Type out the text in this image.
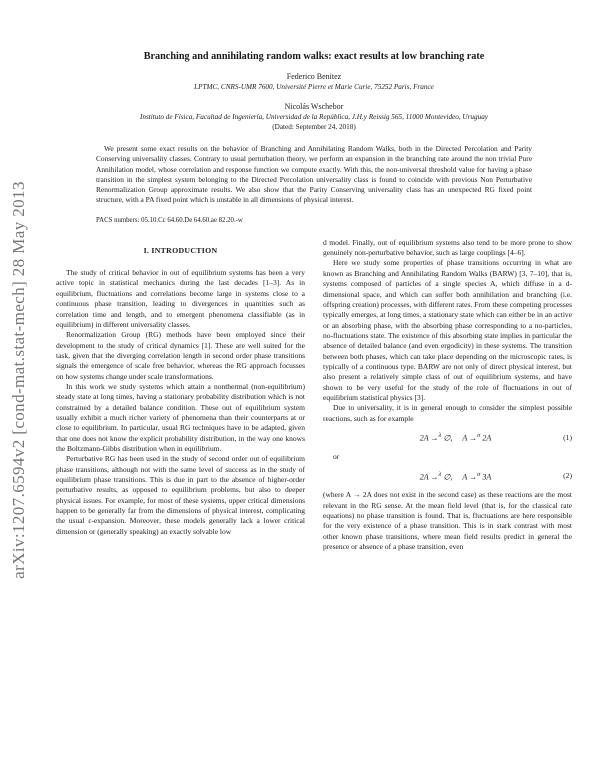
arXiv:1207.6594v2 [cond-mat.stat-mech] 28 May 2013
Branching and annihilating random walks: exact results at low branching rate
Federico Benitez
LPTMC, CNRS-UMR 7600, Université Pierre et Marie Curie, 75252 Paris, France
Nicolás Wschebor
Instituto de Física, Facultad de Ingeniería, Universidad de la República, J.H.y Reissig 565, 11000 Montevideo, Uruguay
(Dated: September 24, 2018)
We present some exact results on the behavior of Branching and Annihilating Random Walks, both in the Directed Percolation and Parity Conserving universality classes. Contrary to usual perturbation theory, we perform an expansion in the branching rate around the non trivial Pure Annihilation model, whose correlation and response function we compute exactly. With this, the non-universal threshold value for having a phase transition in the simplest system belonging to the Directed Percolation universality class is found to coincide with previous Non Perturbative Renormalization Group approximate results. We also show that the Parity Conserving universality class has an unexpected RG fixed point structure, with a PA fixed point which is unstable in all dimensions of physical interest.
PACS numbers: 05.10.Cc 64.60.De 64.60.ae 82.20.-w
I. INTRODUCTION

The study of critical behavior in out of equilibrium systems has been a very active topic in statistical mechanics during the last decades [1–3]. As in equilibrium, fluctuations and correlations become large in systems close to a continuous phase transition, leading to divergences in quantities such as correlation time and length, and to emergent phenomena classifiable (as in equilibrium) in different universality classes.

Renormalization Group (RG) methods have been employed since their development to the study of critical dynamics [1]. These are well suited for the task, given that the diverging correlation length in second order phase transitions signals the emergence of scale free behavior, whereas the RG approach focusses on how systems change under scale transformations.

In this work we study systems which attain a nonthermal (non-equilibrium) steady state at long times, having a stationary probability distribution which is not constrained by a detailed balance condition. These out of equilibrium system usually exhibit a much richer variety of phenomena than their counterparts at or close to equilibrium. In particular, usual RG techniques have to be adapted, given that one does not know the explicit probability distribution, in the way one knows the Boltzmann-Gibbs distribution when in equilibrium.

Perturbative RG has been used in the study of second order out of equilibrium phase transitions, although not with the same level of success as in the study of equilibrium phase transitions. This is due in part to the absence of higher-order perturbative results, as opposed to equilibrium problems, but also to deeper physical issues. For example, for most of these systems, upper critical dimensions happen to be generally far from the dimensions of physical interest, complicating the usual ε-expansion. Moreover, these models generally lack a lower critical dimension or (generally speaking) an exactly solvable low

d model. Finally, out of equilibrium systems also tend to be more prone to show genuinely non-perturbative behavior, such as large couplings [4–6].

Here we study some properties of phase transitions occurring in what are known as Branching and Annihilating Random Walks (BARW) [3, 7–10], that is, systems composed of particles of a single species A, which diffuse in a d-dimensional space, and which can suffer both annihilation and branching (i.e. offspring creation) processes, with different rates. From these competing processes typically emerges, at long times, a stationary state which can either be in an active or an absorbing phase, with the absorbing phase corresponding to a no-particles, no-fluctuations state. The existence of this absorbing state implies in particular the absence of detailed balance (and even ergodicity) in these systems. The transition between both phases, which can take place depending on the microscopic rates, is typically of a continuous type. BARW are not only of direct physical interest, but also present a relatively simple class of out of equilibrium systems, and have shown to be very useful for the study of the role of fluctuations in out of equilibrium statistical physics [3].

Due to universality, it is in general enough to consider the simplest possible reactions, such as for example

2A →$^\lambda$ ∅, A →$^\sigma$ 2A	(1)

or

2A →$^\lambda$ ∅, A →$^\sigma$ 3A	(2)

(where A → 2A does not exist in the second case) as these reactions are the most relevant in the RG sense. At the mean field level (that is, for the classical rate equations) no phase transition is found. That is, fluctuations are here responsible for the very existence of a phase transition. This is in stark contrast with most other known phase transitions, where mean field results predict in general the presence or absence of a phase transition, even
